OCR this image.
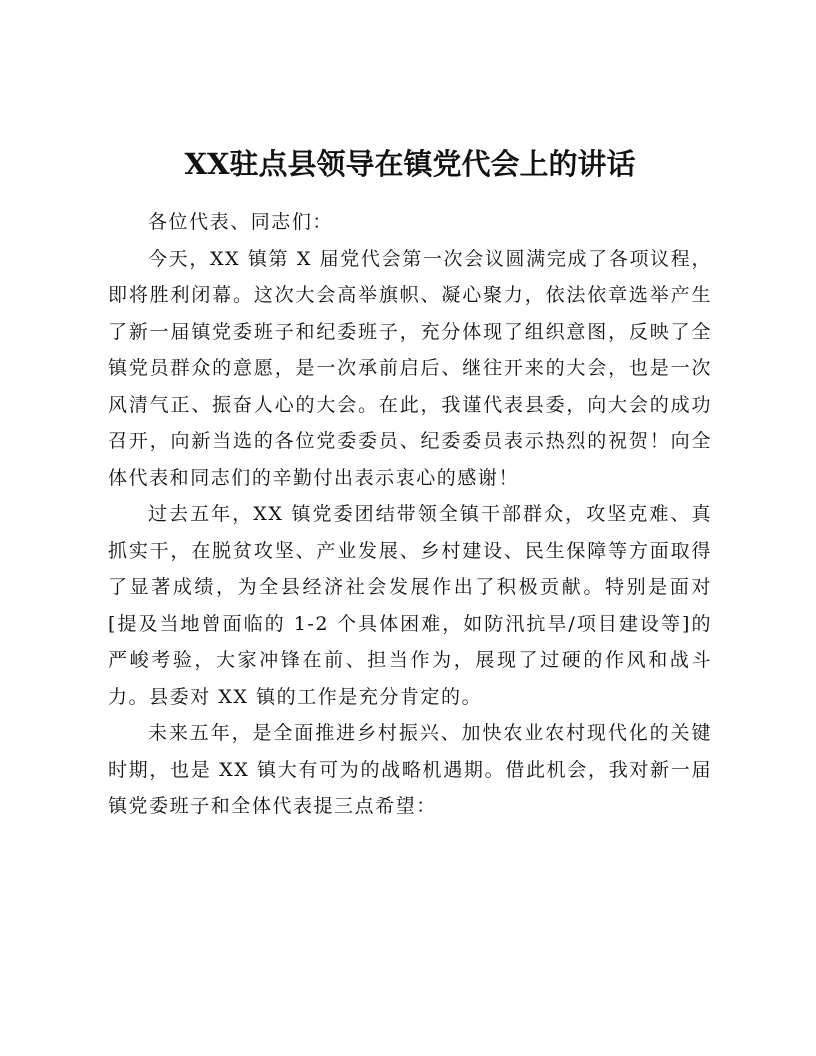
XX驻点县领导在镇党代会上的讲话

各位代表、同志们：

今天，XX 镇第 X 届党代会第一次会议圆满完成了各项议程，即将胜利闭幕。这次大会高举旗帜、凝心聚力，依法依章选举产生了新一届镇党委班子和纪委班子，充分体现了组织意图，反映了全镇党员群众的意愿，是一次承前启后、继往开来的大会，也是一次风清气正、振奋人心的大会。在此，我谨代表县委，向大会的成功召开，向新当选的各位党委委员、纪委委员表示热烈的祝贺！向全体代表和同志们的辛勤付出表示衷心的感谢！

过去五年，XX 镇党委团结带领全镇干部群众，攻坚克难、真抓实干，在脱贫攻坚、产业发展、乡村建设、民生保障等方面取得了显著成绩，为全县经济社会发展作出了积极贡献。特别是面对[提及当地曾面临的 1-2 个具体困难，如防汛抗旱/项目建设等]的严峻考验，大家冲锋在前、担当作为，展现了过硬的作风和战斗力。县委对 XX 镇的工作是充分肯定的。

未来五年，是全面推进乡村振兴、加快农业农村现代化的关键时期，也是 XX 镇大有可为的战略机遇期。借此机会，我对新一届镇党委班子和全体代表提三点希望：
